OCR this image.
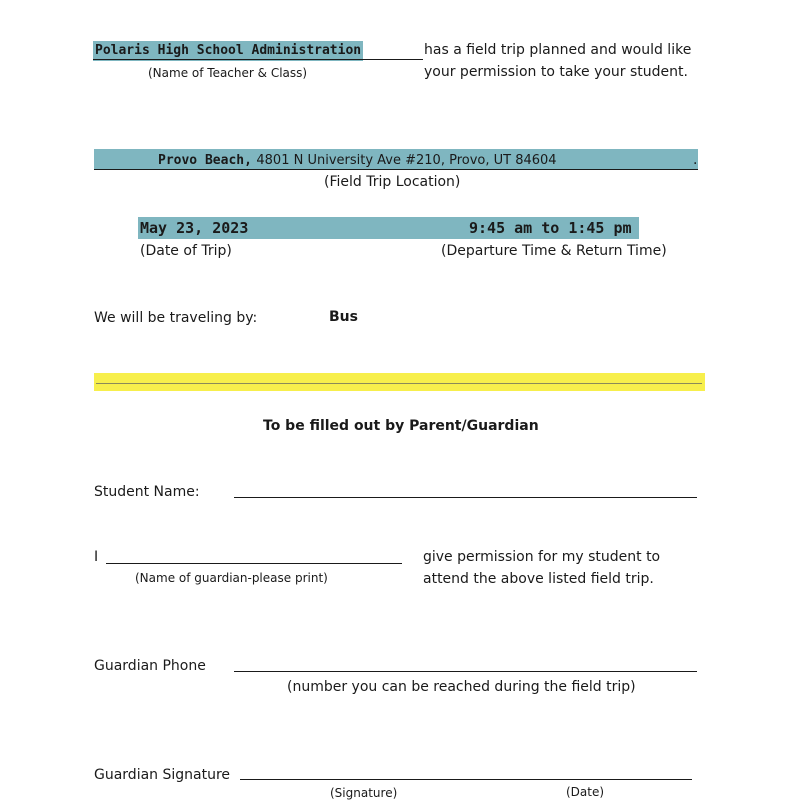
Polaris High School Administration
(Name of Teacher & Class)
has a field trip planned and would like
your permission to take your student.
Provo Beach, 4801 N University Ave #210, Provo, UT 84604	.
(Field Trip Location)
May 23, 2023	9:45 am to 1:45 pm
(Date of Trip)	(Departure Time & Return Time)
We will be traveling by:	Bus
To be filled out by Parent/Guardian
Student Name:
I
(Name of guardian-please print)
give permission for my student to
attend the above listed field trip.
Guardian Phone
(number you can be reached during the field trip)
Guardian Signature
(Signature)	(Date)
